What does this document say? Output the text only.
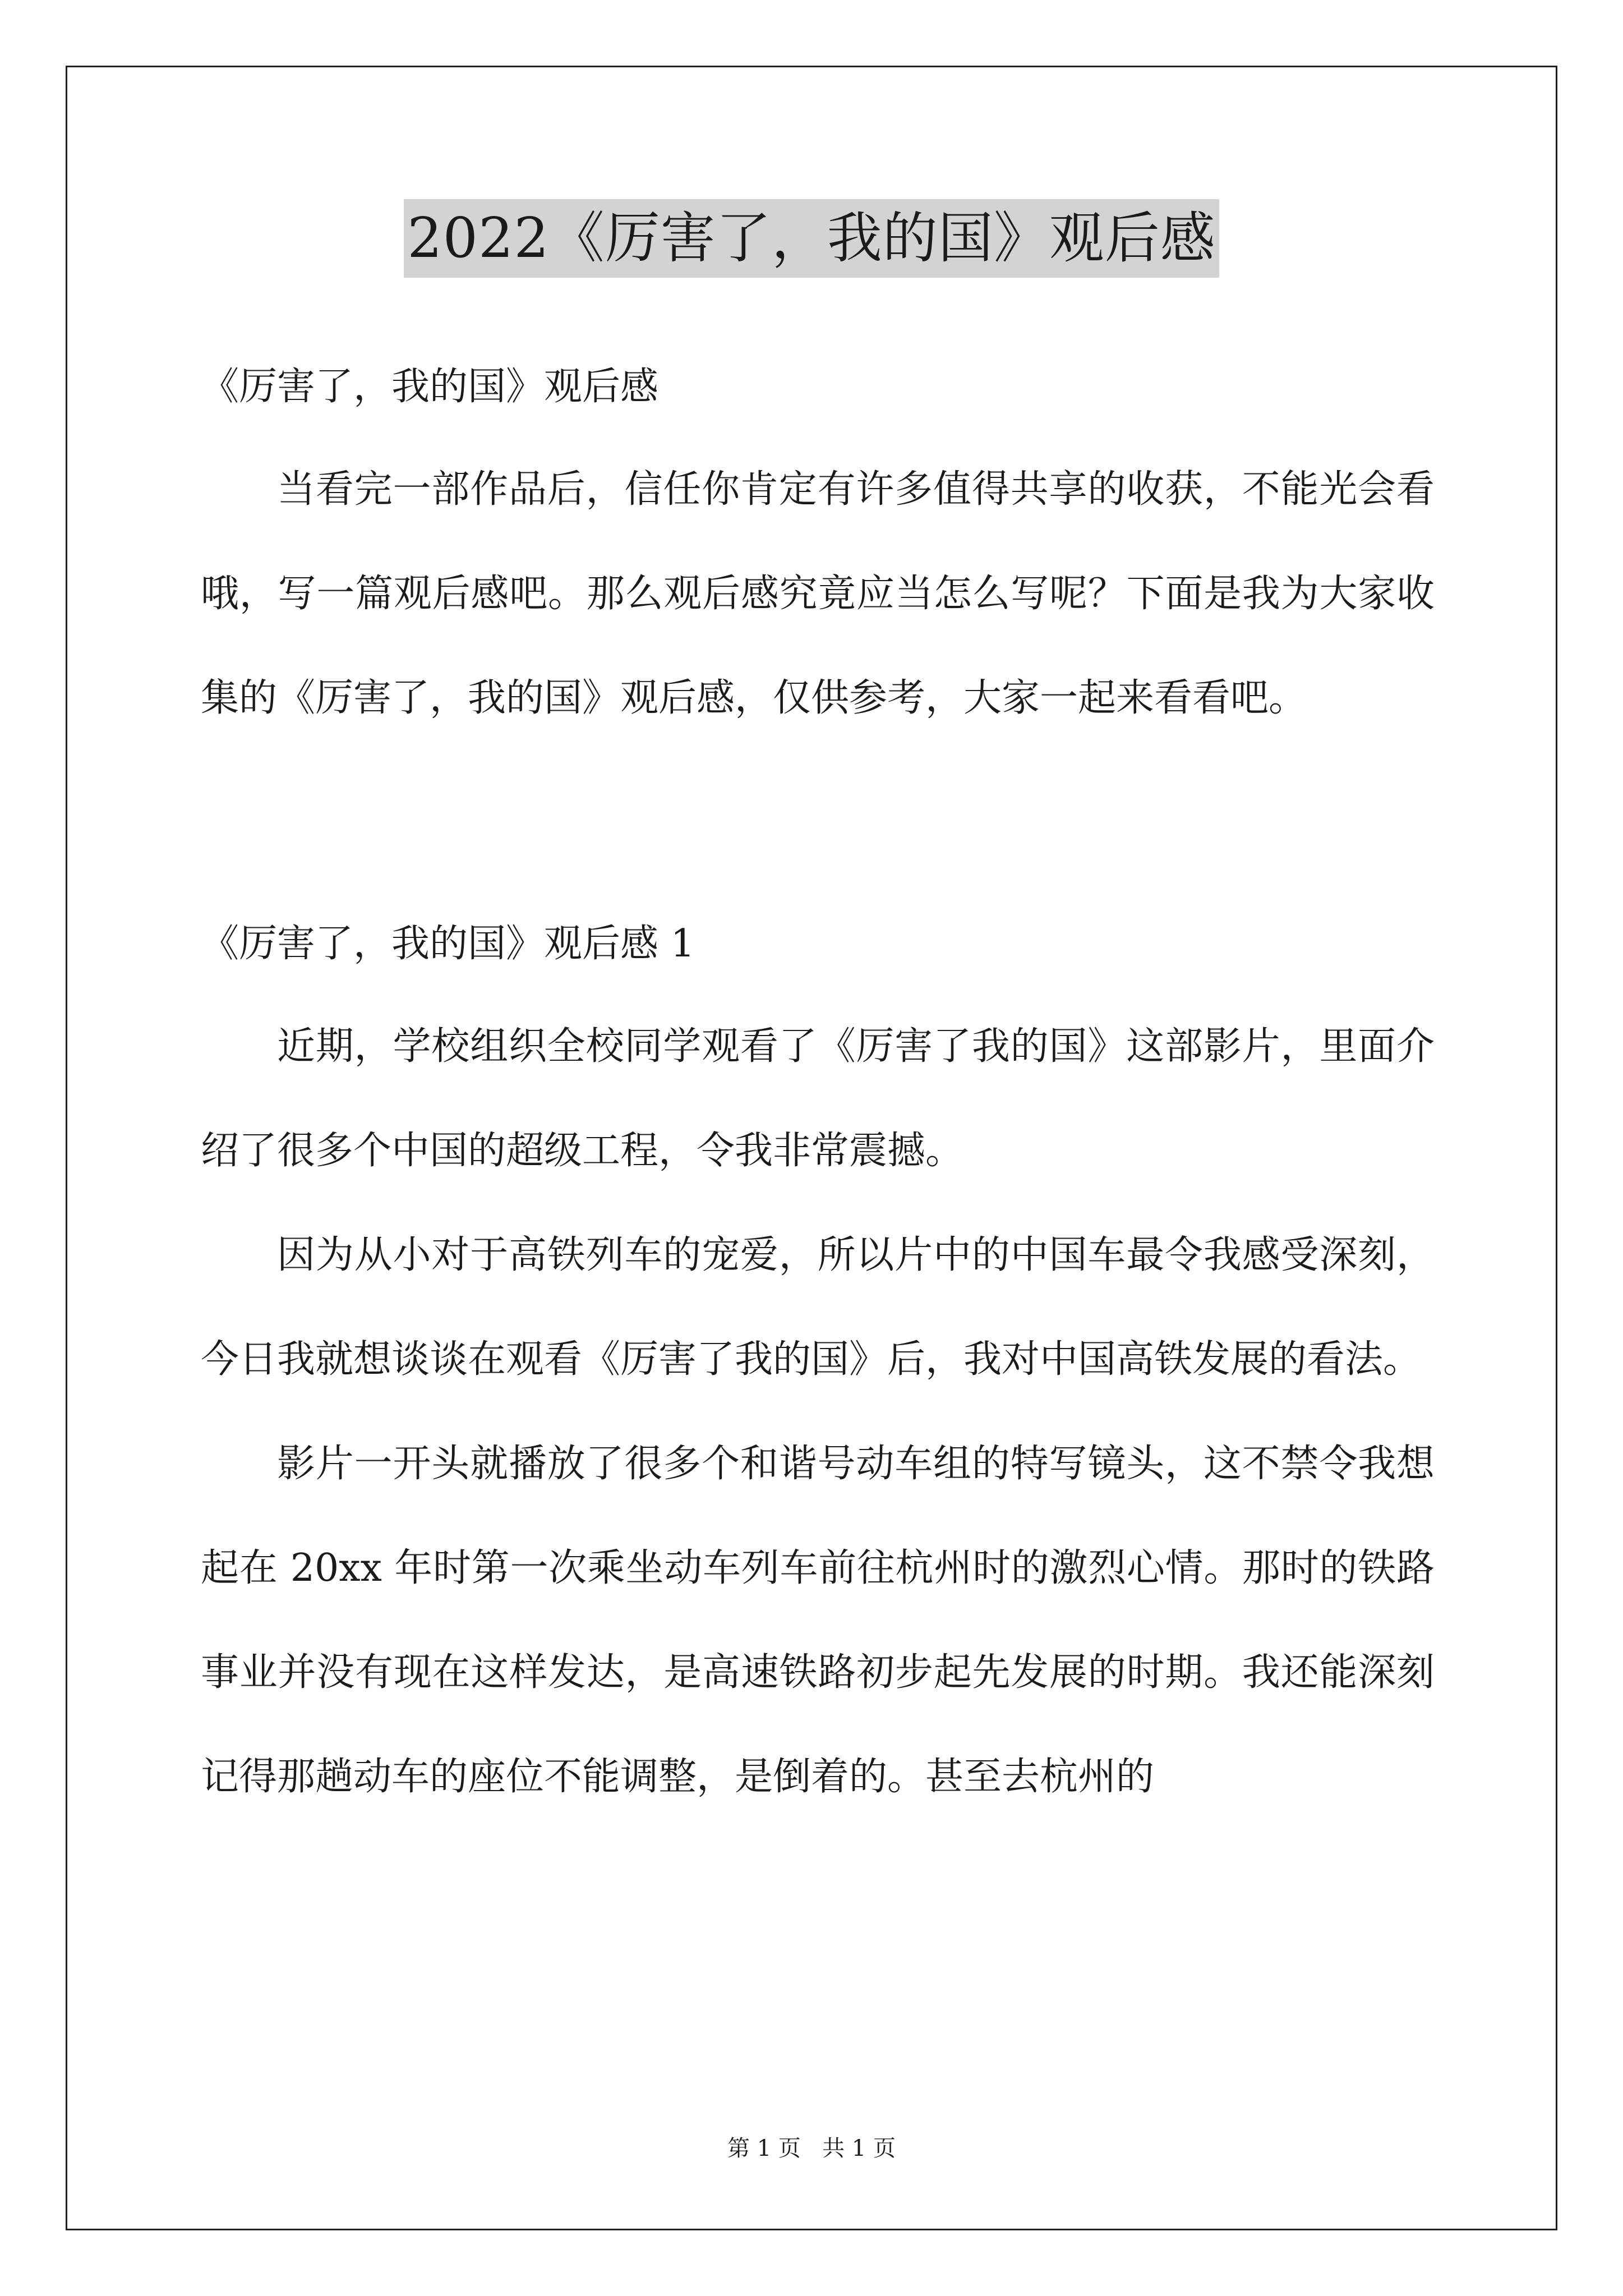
2022《厉害了，我的国》观后感

《厉害了，我的国》观后感

当看完一部作品后，信任你肯定有许多值得共享的收获，不能光会看哦，写一篇观后感吧。那么观后感究竟应当怎么写呢？下面是我为大家收集的《厉害了，我的国》观后感，仅供参考，大家一起来看看吧。

《厉害了，我的国》观后感 1

近期，学校组织全校同学观看了《厉害了我的国》这部影片，里面介绍了很多个中国的超级工程，令我非常震撼。

因为从小对于高铁列车的宠爱，所以片中的中国车最令我感受深刻，今日我就想谈谈在观看《厉害了我的国》后，我对中国高铁发展的看法。

影片一开头就播放了很多个和谐号动车组的特写镜头，这不禁令我想起在 20xx 年时第一次乘坐动车列车前往杭州时的激烈心情。那时的铁路事业并没有现在这样发达，是高速铁路初步起先发展的时期。我还能深刻记得那趟动车的座位不能调整，是倒着的。甚至去杭州的

第 1 页   共 1 页
